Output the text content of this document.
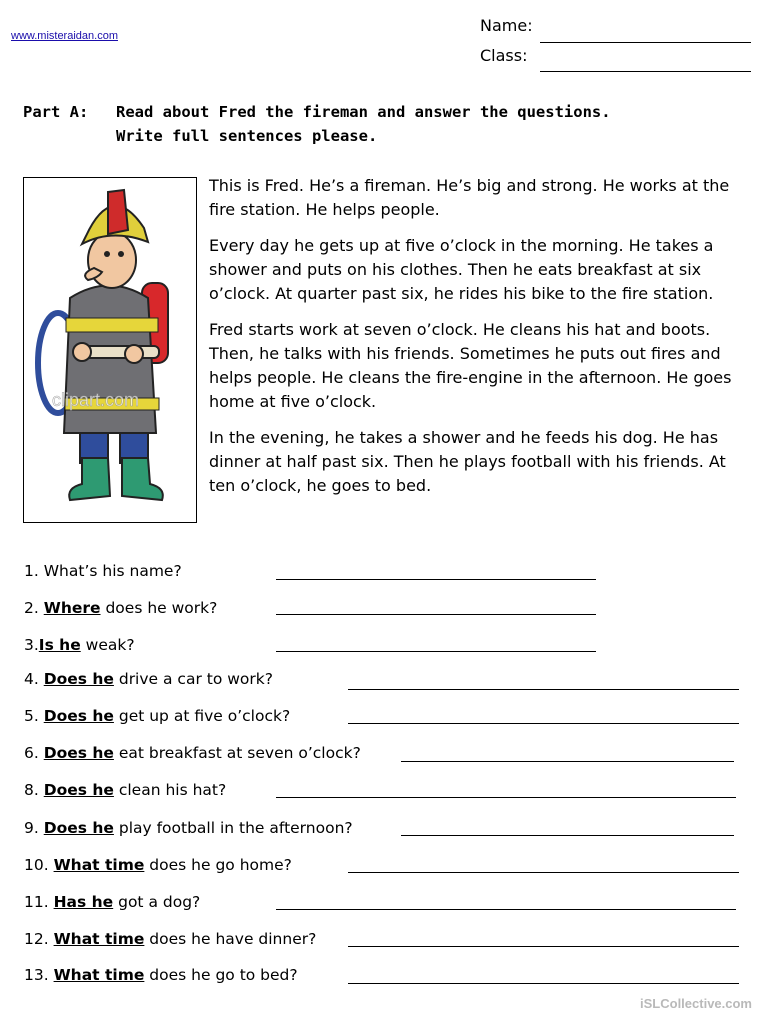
www.misteraidan.com
Name:
Class:
Part A: Read about Fred the fireman and answer the questions.
Write full sentences please.
clipart.com

This is Fred. He’s a fireman. He’s big and strong. He works at the fire station. He helps people.

Every day he gets up at five o’clock in the morning. He takes a shower and puts on his clothes. Then he eats breakfast at six o’clock. At quarter past six, he rides his bike to the fire station.

Fred starts work at seven o’clock. He cleans his hat and boots. Then, he talks with his friends. Sometimes he puts out fires and helps people. He cleans the fire-engine in the afternoon. He goes home at five o’clock.

In the evening, he takes a shower and he feeds his dog. He has dinner at half past six. Then he plays football with his friends. At ten o’clock, he goes to bed.

1. What’s his name?
2. Where does he work?
3.Is he weak?
4. Does he drive a car to work?
5. Does he get up at five o’clock?
6. Does he eat breakfast at seven o’clock?
8. Does he clean his hat?
9. Does he play football in the afternoon?
10. What time does he go home?
11. Has he got a dog?
12. What time does he have dinner?
13. What time does he go to bed?
iSLCollective.com
